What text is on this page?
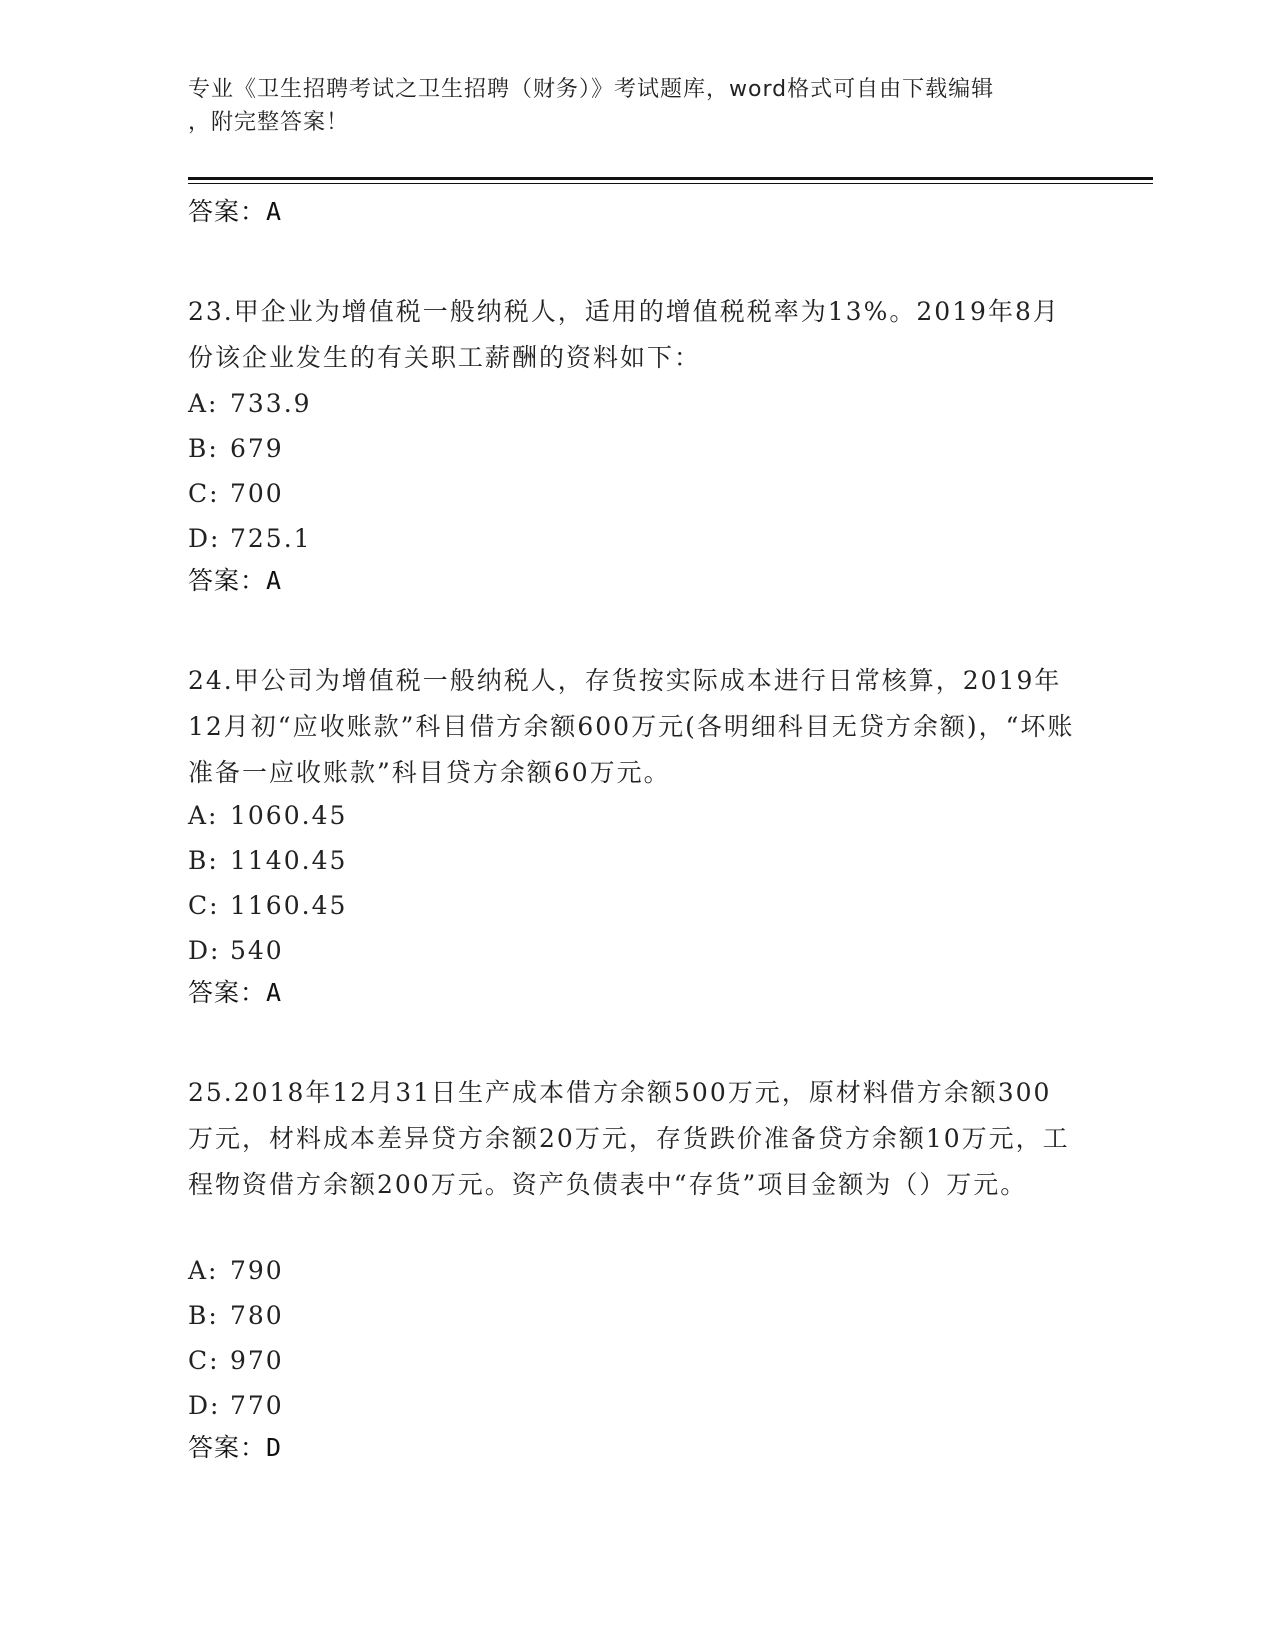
专业《卫生招聘考试之卫生招聘（财务）》考试题库，word格式可自由下载编辑
，附完整答案！
答案：A
23.甲企业为增值税一般纳税人，适用的增值税税率为13%。2019年8月份该企业发生的有关职工薪酬的资料如下：
A: 733.9
B: 679
C: 700
D: 725.1
答案：A
24.甲公司为增值税一般纳税人，存货按实际成本进行日常核算，2019年12月初“应收账款”科目借方余额600万元(各明细科目无贷方余额)，“坏账准备一应收账款”科目贷方余额60万元。
A: 1060.45
B: 1140.45
C: 1160.45
D: 540
答案：A
25.2018年12月31日生产成本借方余额500万元，原材料借方余额300万元，材料成本差异贷方余额20万元，存货跌价准备贷方余额10万元，工程物资借方余额200万元。资产负债表中“存货”项目金额为（）万元。
A: 790
B: 780
C: 970
D: 770
答案：D
